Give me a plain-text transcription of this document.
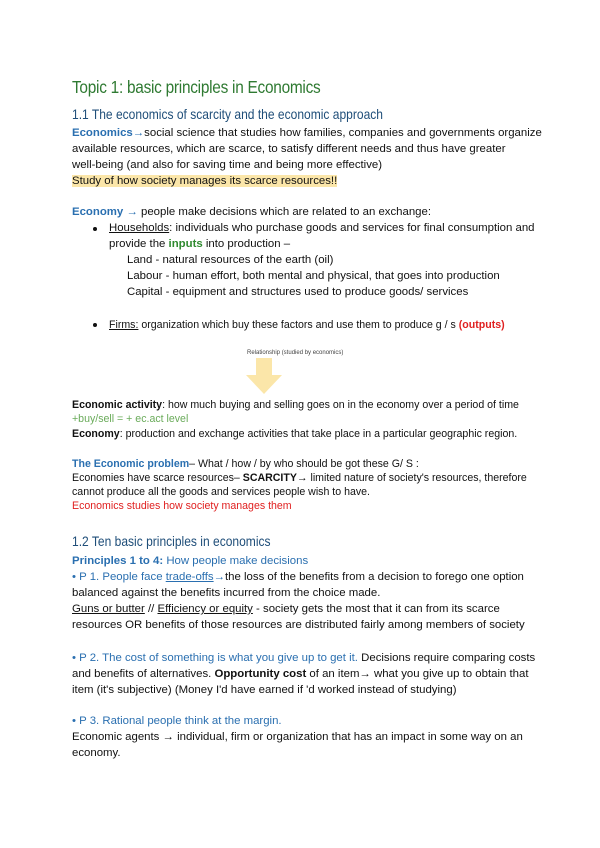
Topic 1: basic principles in Economics
1.1 The economics of scarcity and the economic approach
Economics→social science that studies how families, companies and governments organize
available resources, which are scarce, to satisfy different needs and thus have greater
well-being (and also for saving time and being more effective)
Study of how society manages its scarce resources!!
Economy → people make decisions which are related to an exchange:
Households: individuals who purchase goods and services for final consumption and
provide the inputs into production –
Land - natural resources of the earth (oil)
Labour - human effort, both mental and physical, that goes into production
Capital - equipment and structures used to produce goods/ services
Firms: organization which buy these factors and use them to produce g / s (outputs)
Relationship (studied by economics)
Economic activity: how much buying and selling goes on in the economy over a period of time
+buy/sell = + ec.act level
Economy: production and exchange activities that take place in a particular geographic region.
The Economic problem– What / how / by who should be got these G/ S :
Economies have scarce resources– SCARCITY→ limited nature of society's resources, therefore
cannot produce all the goods and services people wish to have.
Economics studies how society manages them
1.2 Ten basic principles in economics
Principles 1 to 4: How people make decisions
• P 1. People face trade-offs→the loss of the benefits from a decision to forego one option
balanced against the benefits incurred from the choice made.
Guns or butter // Efficiency or equity - society gets the most that it can from its scarce
resources OR benefits of those resources are distributed fairly among members of society
• P 2. The cost of something is what you give up to get it. Decisions require comparing costs
and benefits of alternatives. Opportunity cost of an item→ what you give up to obtain that
item (it's subjective) (Money I'd have earned if 'd worked instead of studying)
• P 3. Rational people think at the margin.
Economic agents → individual, firm or organization that has an impact in some way on an
economy.
